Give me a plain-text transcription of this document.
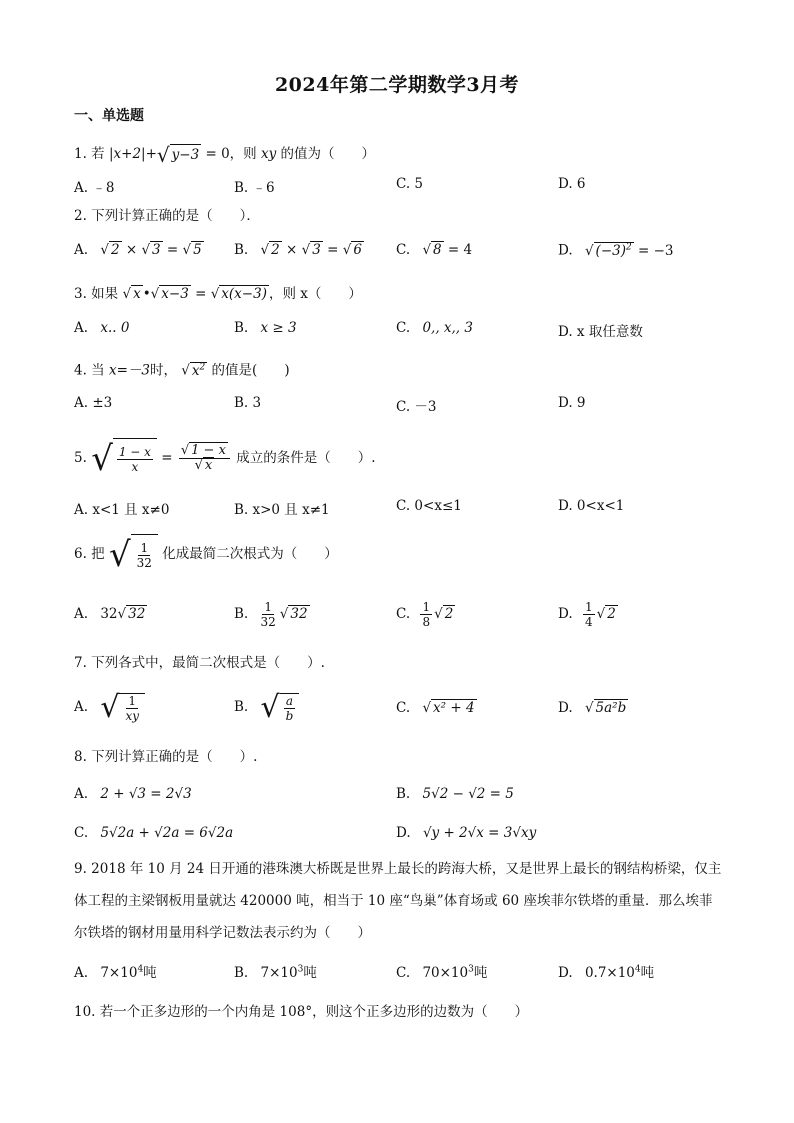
2024年第二学期数学3月考
一、单选题
1. 若 |x+2|+ √ y−3 = 0，则 xy 的值为（　　）
A. ﹣8	B. ﹣6	C. 5	D. 6
2. 下列计算正确的是（　　）．
A. √ 2 × √ 3 = √ 5 B. √ 2 × √ 3 = √ 6	C. √ 8 = 4	D. √ $(-3)^2 = -3$
3. 如果 √ x •√ x−3 = √ x(x−3) ，则 x（　　）
A. x.. 0	B. x ≥ 3	C. 0,, x,, 3	D. x 取任意数
4. 当 x=－3时， √ $x^2$ 的值是(　　)
A. ±3	B. 3	C. －3	D. 9
5. √ $\frac{1 - x}{x} = \frac{√ 1 - x}{√ x}$ 成立的条件是（　　）.
A. x<1 且 x≠0	B. x>0 且 x≠1	C. 0<x≤1	D. 0<x<1
6. 把 √ $\frac{1}{32}$ 化成最简二次根式为（　　）
A. 32√ 32	B. $\frac{1}{32}$ √ 32	C. $\frac{1}{8}$ √ 2	D. $\frac{1}{4}$ √ 2
7. 下列各式中，最简二次根式是（　　）.
A. √ $\frac{1}{xy}$	B. √ $\frac{a}{b}$	C. √ x² + 4	D. √ 5a²b
8. 下列计算正确的是（　　）.
A. 2 + √3 = 2√3	B. 5√2 − √2 = 5
C. 5√2a + √2a = 6√2a	D. √y + 2√x = 3√xy
9. 2018 年 10 月 24 日开通的港珠澳大桥既是世界上最长的跨海大桥，又是世界上最长的钢结构桥梁，仅主体工程的主梁钢板用量就达 420000 吨，相当于 10 座“鸟巢”体育场或 60 座埃菲尔铁塔的重量．那么埃菲尔铁塔的钢材用量用科学记数法表示约为（　　）
A. $7\times 10^4$吨	B. $7\times 10^3$吨	C. $70\times 10^3$吨	D. $0.7\times 10^4$吨
10. 若一个正多边形的一个内角是 108°，则这个正多边形的边数为（　　）
